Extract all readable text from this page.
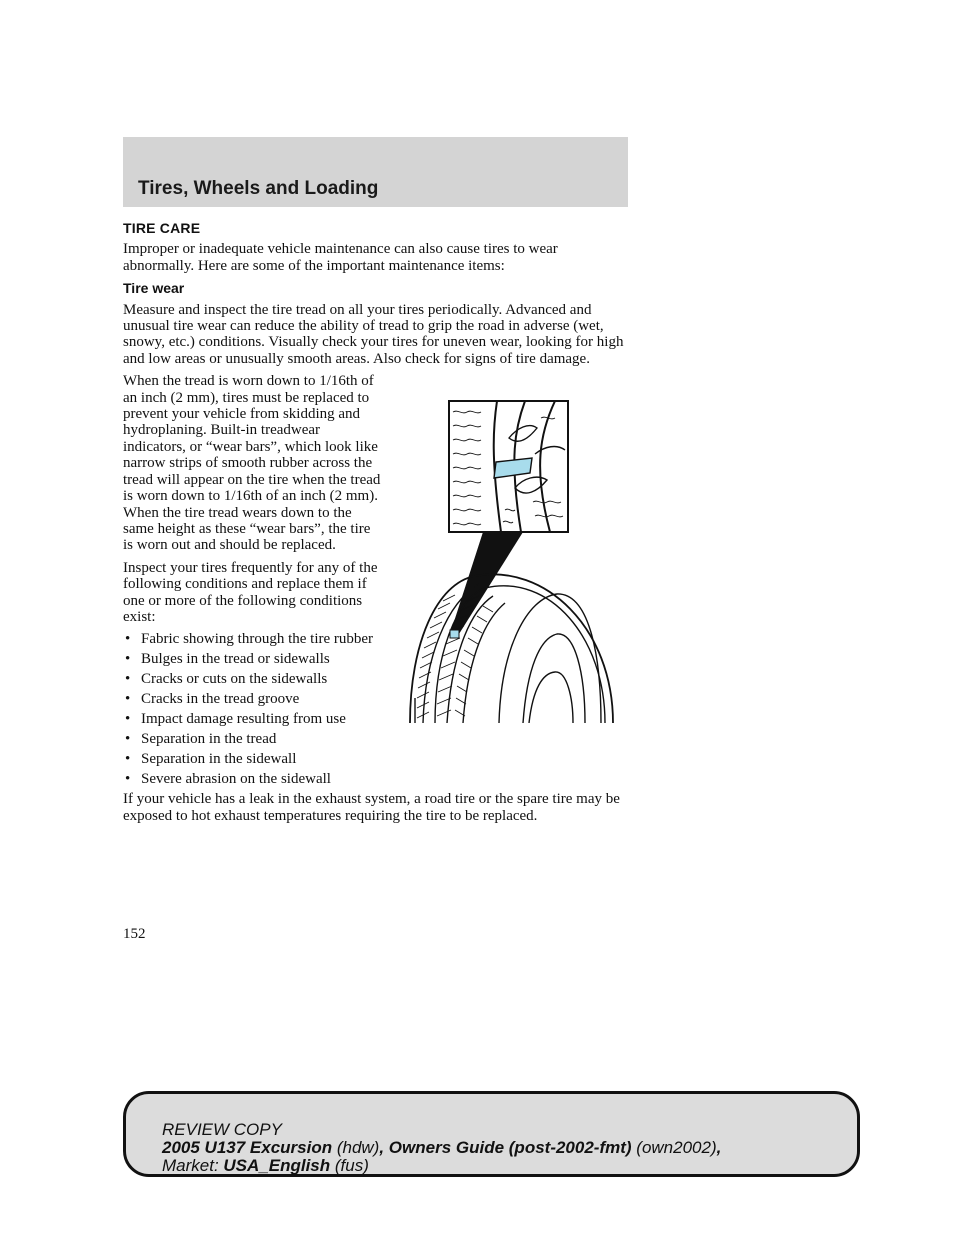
Tires, Wheels and Loading
TIRE CARE

Improper or inadequate vehicle maintenance can also cause tires to wear abnormally. Here are some of the important maintenance items:

Tire wear

Measure and inspect the tire tread on all your tires periodically. Advanced and unusual tire wear can reduce the ability of tread to grip the road in adverse (wet, snowy, etc.) conditions. Visually check your tires for uneven wear, looking for high and low areas or unusually smooth areas. Also check for signs of tire damage.

When the tread is worn down to 1/16th of an inch (2 mm), tires must be replaced to prevent your vehicle from skidding and hydroplaning. Built-in treadwear indicators, or “wear bars”, which look like narrow strips of smooth rubber across the tread will appear on the tire when the tread is worn down to 1/16th of an inch (2 mm). When the tire tread wears down to the same height as these “wear bars”, the tire is worn out and should be replaced.

Inspect your tires frequently for any of the following conditions and replace them if one or more of the following conditions exist:

• Fabric showing through the tire rubber
• Bulges in the tread or sidewalls
• Cracks or cuts on the sidewalls
• Cracks in the tread groove
• Impact damage resulting from use
• Separation in the tread
• Separation in the sidewall
• Severe abrasion on the sidewall

If your vehicle has a leak in the exhaust system, a road tire or the spare tire may be exposed to hot exhaust temperatures requiring the tire to be replaced.

152
REVIEW COPY
2005 U137 Excursion (hdw), Owners Guide (post-2002-fmt) (own2002),
Market: USA_English (fus)
